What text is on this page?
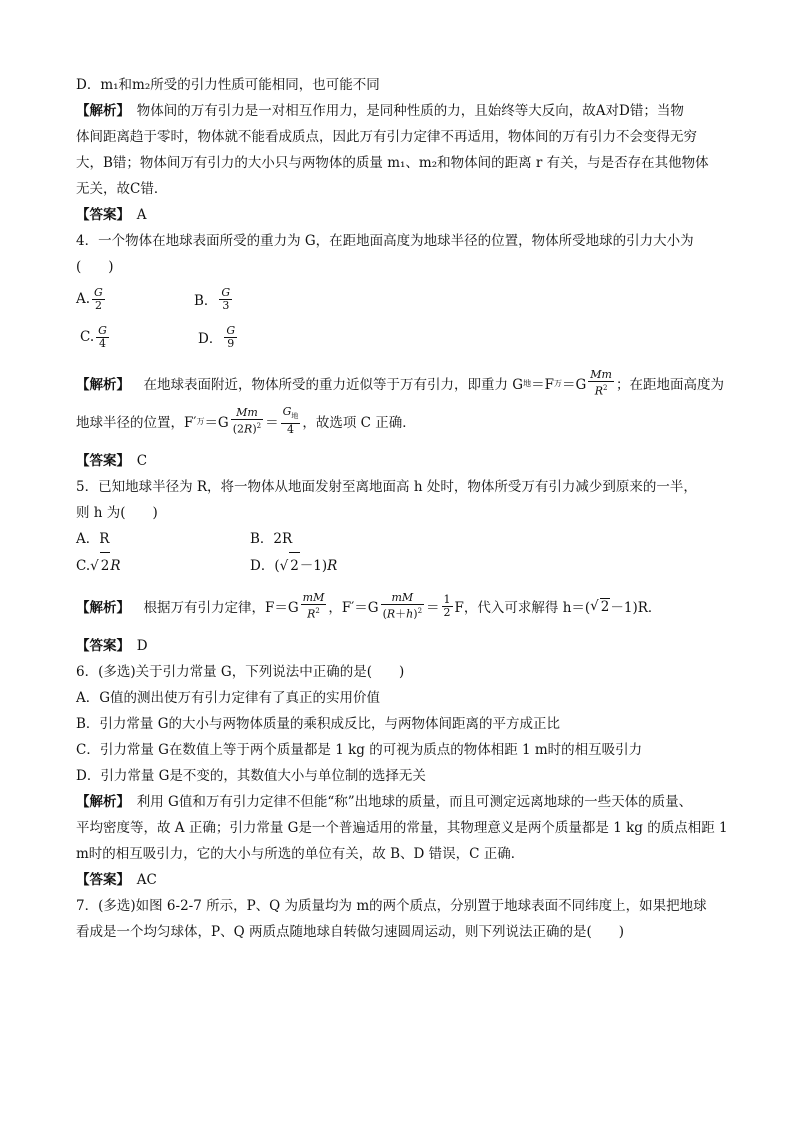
D．m₁和m₂所受的引力性质可能相同，也可能不同
【解析】　物体间的万有引力是一对相互作用力，是同种性质的力，且始终等大反向，故A对D错；当物
体间距离趋于零时，物体就不能看成质点，因此万有引力定律不再适用，物体间的万有引力不会变得无穷
大，B错；物体间万有引力的大小只与两物体的质量 m₁、m₂和物体间的距离 r 有关，与是否存在其他物体
无关，故C错．
【答案】　 A
4．一个物体在地球表面所受的重力为 G，在距地面高度为地球半径的位置，物体所受地球的引力大小为
(　　)
A. $\frac{G}{2}$	B． $\frac{G}{3}$
C. $\frac{G}{4}$	D． $\frac{G}{9}$
【解析】 　在地球表面附近，物体所受的重力近似等于万有引力，即重力 G 地 ＝F 万 $=G \frac{Mm}{R^2}$ ；在距地面高度为
地球半径的位置，F′ 万 $=G \frac{Mm}{(2R)^2} = \frac{G_地}{4}$ ，故选项 C 正确．
【答案】　 C
5．已知地球半径为 R，将一物体从地面发射至离地面高 h 处时，物体所受万有引力减少到原来的一半，
则 h 为(　　)
A．R	B．2R
C.√ 2R	D．(√ 2－1)R
【解析】 　根据万有引力定律，$F=G \frac{mM}{R^2}$ ，$F'=G \frac{mM}{(R+h)^2} = \frac{1}{2}$ F，代入可求解得 h＝( √ 2 －1)R．
【答案】　 D
6．(多选)关于引力常量 G，下列说法中正确的是(　　)
A．G值的测出使万有引力定律有了真正的实用价值
B．引力常量 G的大小与两物体质量的乘积成反比，与两物体间距离的平方成正比
C．引力常量 G在数值上等于两个质量都是 1 kg 的可视为质点的物体相距 1 m时的相互吸引力
D．引力常量 G是不变的，其数值大小与单位制的选择无关
【解析】　利用 G值和万有引力定律不但能“称”出地球的质量，而且可测定远离地球的一些天体的质量、
平均密度等，故 A 正确；引力常量 G是一个普遍适用的常量，其物理意义是两个质量都是 1 kg 的质点相距 1
m时的相互吸引力，它的大小与所选的单位有关，故 B、D 错误，C 正确．
【答案】　 AC
7．(多选)如图 6-2-7 所示，P、Q 为质量均为 m的两个质点，分别置于地球表面不同纬度上，如果把地球
看成是一个均匀球体，P、Q 两质点随地球自转做匀速圆周运动，则下列说法正确的是(　　)
